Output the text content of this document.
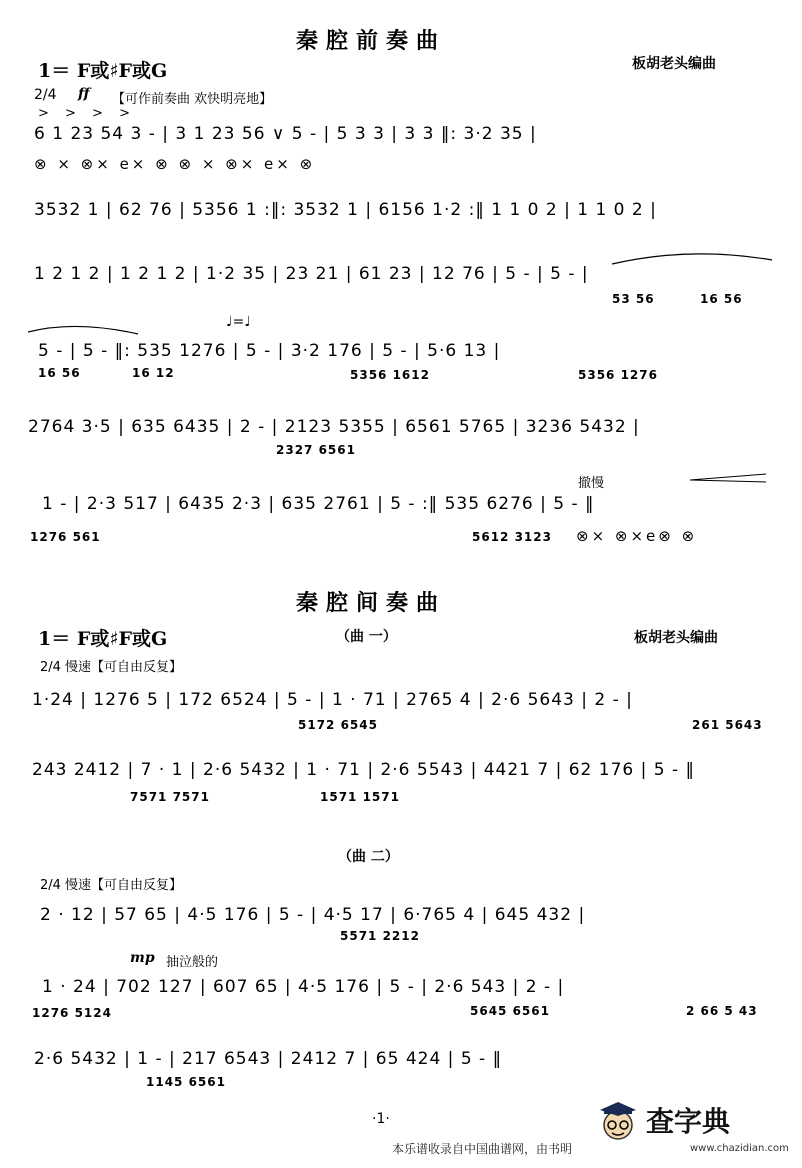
秦腔前奏曲
1＝ F或♯F或G	板胡老头编曲
2/4 ff 【可作前奏曲 欢快明亮地】
> > > >
6 1 23 54 3 - | 3 1 23 56 ∨ 5 - | 5 3 3 | 3 3 ‖: 3·2 35 |
⊗ × ⊗× e× ⊗ ⊗ × ⊗× e× ⊗
3532 1 | 62 76 | 5356 1 :‖: 3532 1 | 6156 1·2 :‖ 1 1 0 2 | 1 1 0 2 |
1 2 1 2 | 1 2 1 2 | 1·2 35 | 23 21 | 61 23 | 12 76 | 5 - | 5 - |
53 56	16 56
♩=♩
5 - | 5 - ‖: 535 1276 | 5 - | 3·2 176 | 5 - | 5·6 13 |
16 56	16 12	5356 1612	5356 1276
2764 3·5 | 635 6435 | 2 - | 2123 5355 | 6561 5765 | 3236 5432 |
2327 6561
撤慢
1 - | 2·3 517 | 6435 2·3 | 635 2761 | 5 - :‖ 535 6276 | 5 - ‖
1276 561	5612 3123 ⊗× ⊗×e⊗ ⊗
秦腔间奏曲
1＝ F或♯F或G	（曲 一）	板胡老头编曲
2/4 慢速【可自由反复】
1·24 | 1276 5 | 172 6524 | 5 - | 1 · 71 | 2765 4 | 2·6 5643 | 2 - |
5172 6545	261 5643
243 2412 | 7 · 1 | 2·6 5432 | 1 · 71 | 2·6 5543 | 4421 7 | 62 176 | 5 - ‖
7571 7571	1571 1571
（曲 二）
2/4 慢速【可自由反复】
2 · 12 | 57 65 | 4·5 176 | 5 - | 4·5 17 | 6·765 4 | 645 432 |
5571 2212
mp 抽泣般的
1 · 24 | 702 127 | 607 65 | 4·5 176 | 5 - | 2·6 543 | 2 - |
1276 5124	5645 6561	2 66 5 43
2·6 5432 | 1 - | 217 6543 | 2412 7 | 65 424 | 5 - ‖
1145 6561
·1·
本乐谱收录自中国曲谱网，由书明
查字典
www.chazidian.com
